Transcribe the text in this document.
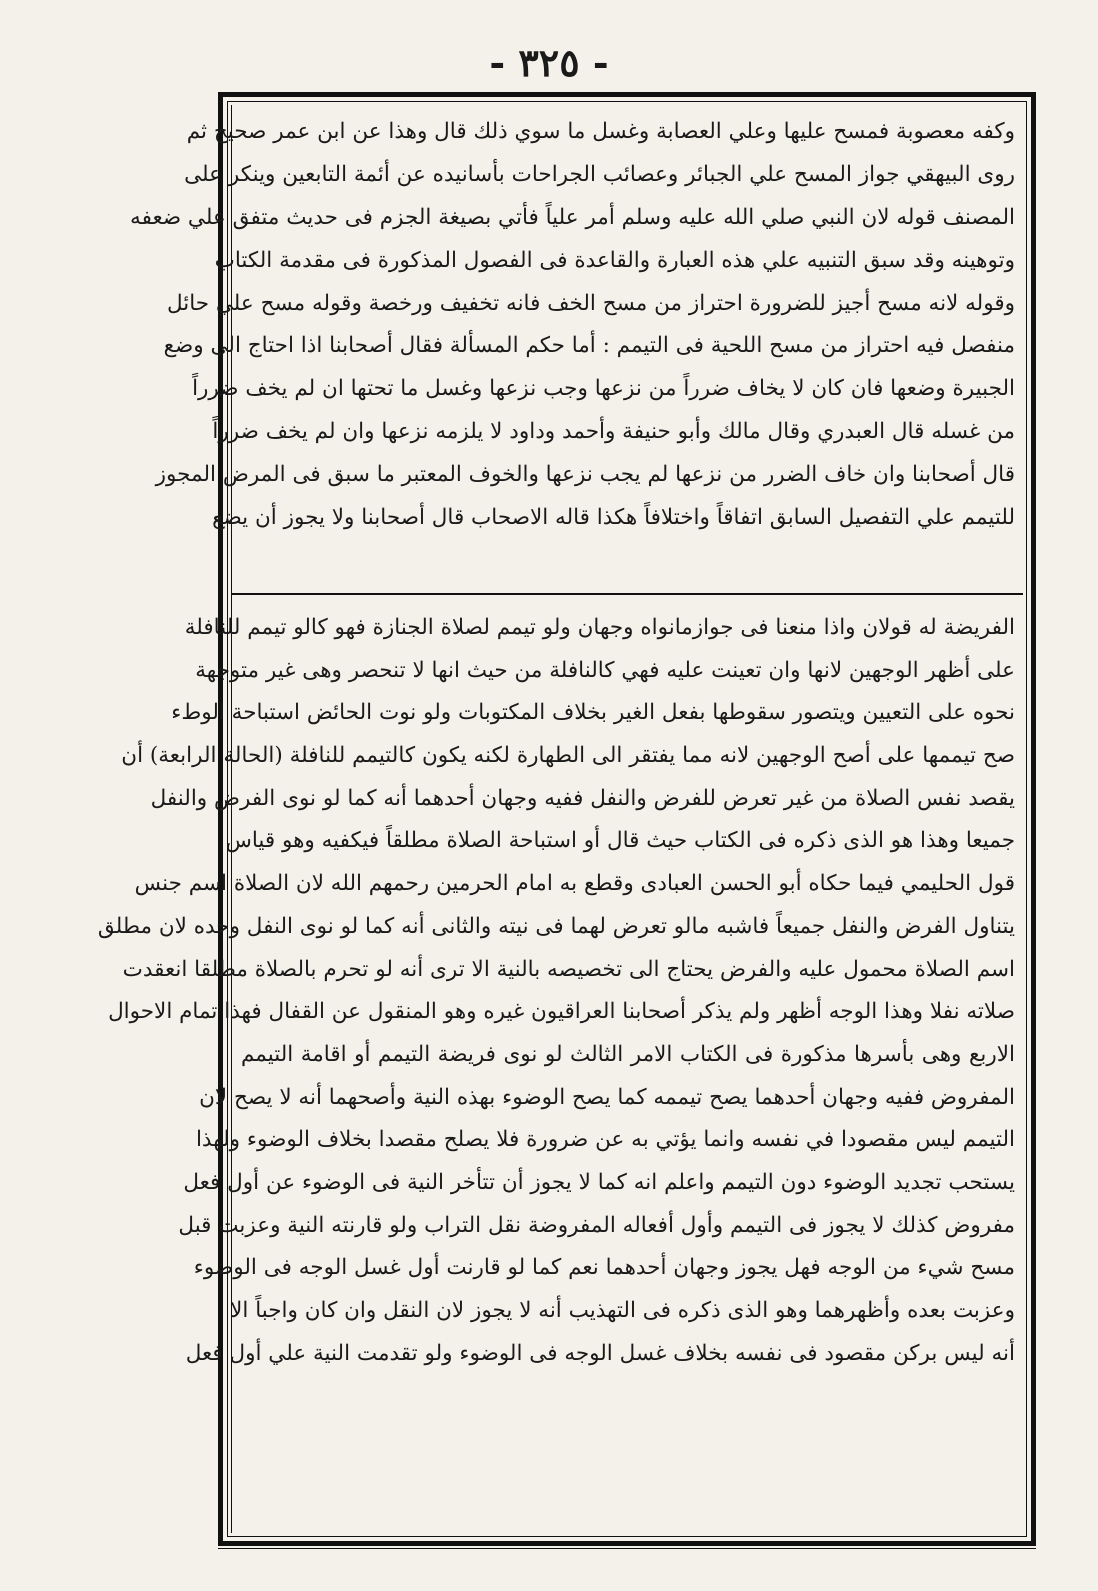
- ٣٢٥ -
وكفه معصوبة فمسح عليها وعلي العصابة وغسل ما سوي ذلك قال وهذا عن ابن عمر صحيح ثم
روى البيهقي جواز المسح علي الجبائر وعصائب الجراحات بأسانيده عن أئمة التابعين وينكر على
المصنف قوله لان النبي صلي الله عليه وسلم أمر علياً فأتي بصيغة الجزم فى حديث متفق علي ضعفه
وتوهينه وقد سبق التنبيه علي هذه العبارة والقاعدة فى الفصول المذكورة فى مقدمة الكتاب
وقوله لانه مسح أجيز للضرورة احتراز من مسح الخف فانه تخفيف ورخصة وقوله مسح علي حائل
منفصل فيه احتراز من مسح اللحية فى التيمم : أما حكم المسألة فقال أصحابنا اذا احتاج الى وضع
الجبيرة وضعها فان كان لا يخاف ضرراً من نزعها وجب نزعها وغسل ما تحتها ان لم يخف ضرراً
من غسله قال العبدري وقال مالك وأبو حنيفة وأحمد وداود لا يلزمه نزعها وان لم يخف ضرراً
قال أصحابنا وان خاف الضرر من نزعها لم يجب نزعها والخوف المعتبر ما سبق فى المرض المجوز
للتيمم علي التفصيل السابق اتفاقاً واختلافاً هكذا قاله الاصحاب قال أصحابنا ولا يجوز أن يضع
الفريضة له قولان واذا منعنا فى جوازمانواه وجهان ولو تيمم لصلاة الجنازة فهو كالو تيمم للنافلة
على أظهر الوجهين لانها وان تعينت عليه فهي كالنافلة من حيث انها لا تنحصر وهى غير متوجهة
نحوه على التعيين ويتصور سقوطها بفعل الغير بخلاف المكتوبات ولو نوت الحائض استباحة الوطء
صح تيممها على أصح الوجهين لانه مما يفتقر الى الطهارة لكنه يكون كالتيمم للنافلة (الحالة الرابعة) أن
يقصد نفس الصلاة من غير تعرض للفرض والنفل ففيه وجهان أحدهما أنه كما لو نوى الفرض والنفل
جميعا وهذا هو الذى ذكره فى الكتاب حيث قال أو استباحة الصلاة مطلقاً فيكفيه وهو قياس
قول الحليمي فيما حكاه أبو الحسن العبادى وقطع به امام الحرمين رحمهم الله لان الصلاة اسم جنس
يتناول الفرض والنفل جميعاً فاشبه مالو تعرض لهما فى نيته والثانى أنه كما لو نوى النفل وحده لان مطلق
اسم الصلاة محمول عليه والفرض يحتاج الى تخصيصه بالنية الا ترى أنه لو تحرم بالصلاة مطلقا انعقدت
صلاته نفلا وهذا الوجه أظهر ولم يذكر أصحابنا العراقيون غيره وهو المنقول عن القفال فهذا تمام الاحوال
الاربع وهى بأسرها مذكورة فى الكتاب الامر الثالث لو نوى فريضة التيمم أو اقامة التيمم
المفروض ففيه وجهان أحدهما يصح تيممه كما يصح الوضوء بهذه النية وأصحهما أنه لا يصح لان
التيمم ليس مقصودا في نفسه وانما يؤتي به عن ضرورة فلا يصلح مقصدا بخلاف الوضوء ولهذا
يستحب تجديد الوضوء دون التيمم واعلم انه كما لا يجوز أن تتأخر النية فى الوضوء عن أول فعل
مفروض كذلك لا يجوز فى التيمم وأول أفعاله المفروضة نقل التراب ولو قارنته النية وعزبت قبل
مسح شيء من الوجه فهل يجوز وجهان أحدهما نعم كما لو قارنت أول غسل الوجه فى الوضوء
وعزبت بعده وأظهرهما وهو الذى ذكره فى التهذيب أنه لا يجوز لان النقل وان كان واجباً الا
أنه ليس بركن مقصود فى نفسه بخلاف غسل الوجه فى الوضوء ولو تقدمت النية علي أول فعل
